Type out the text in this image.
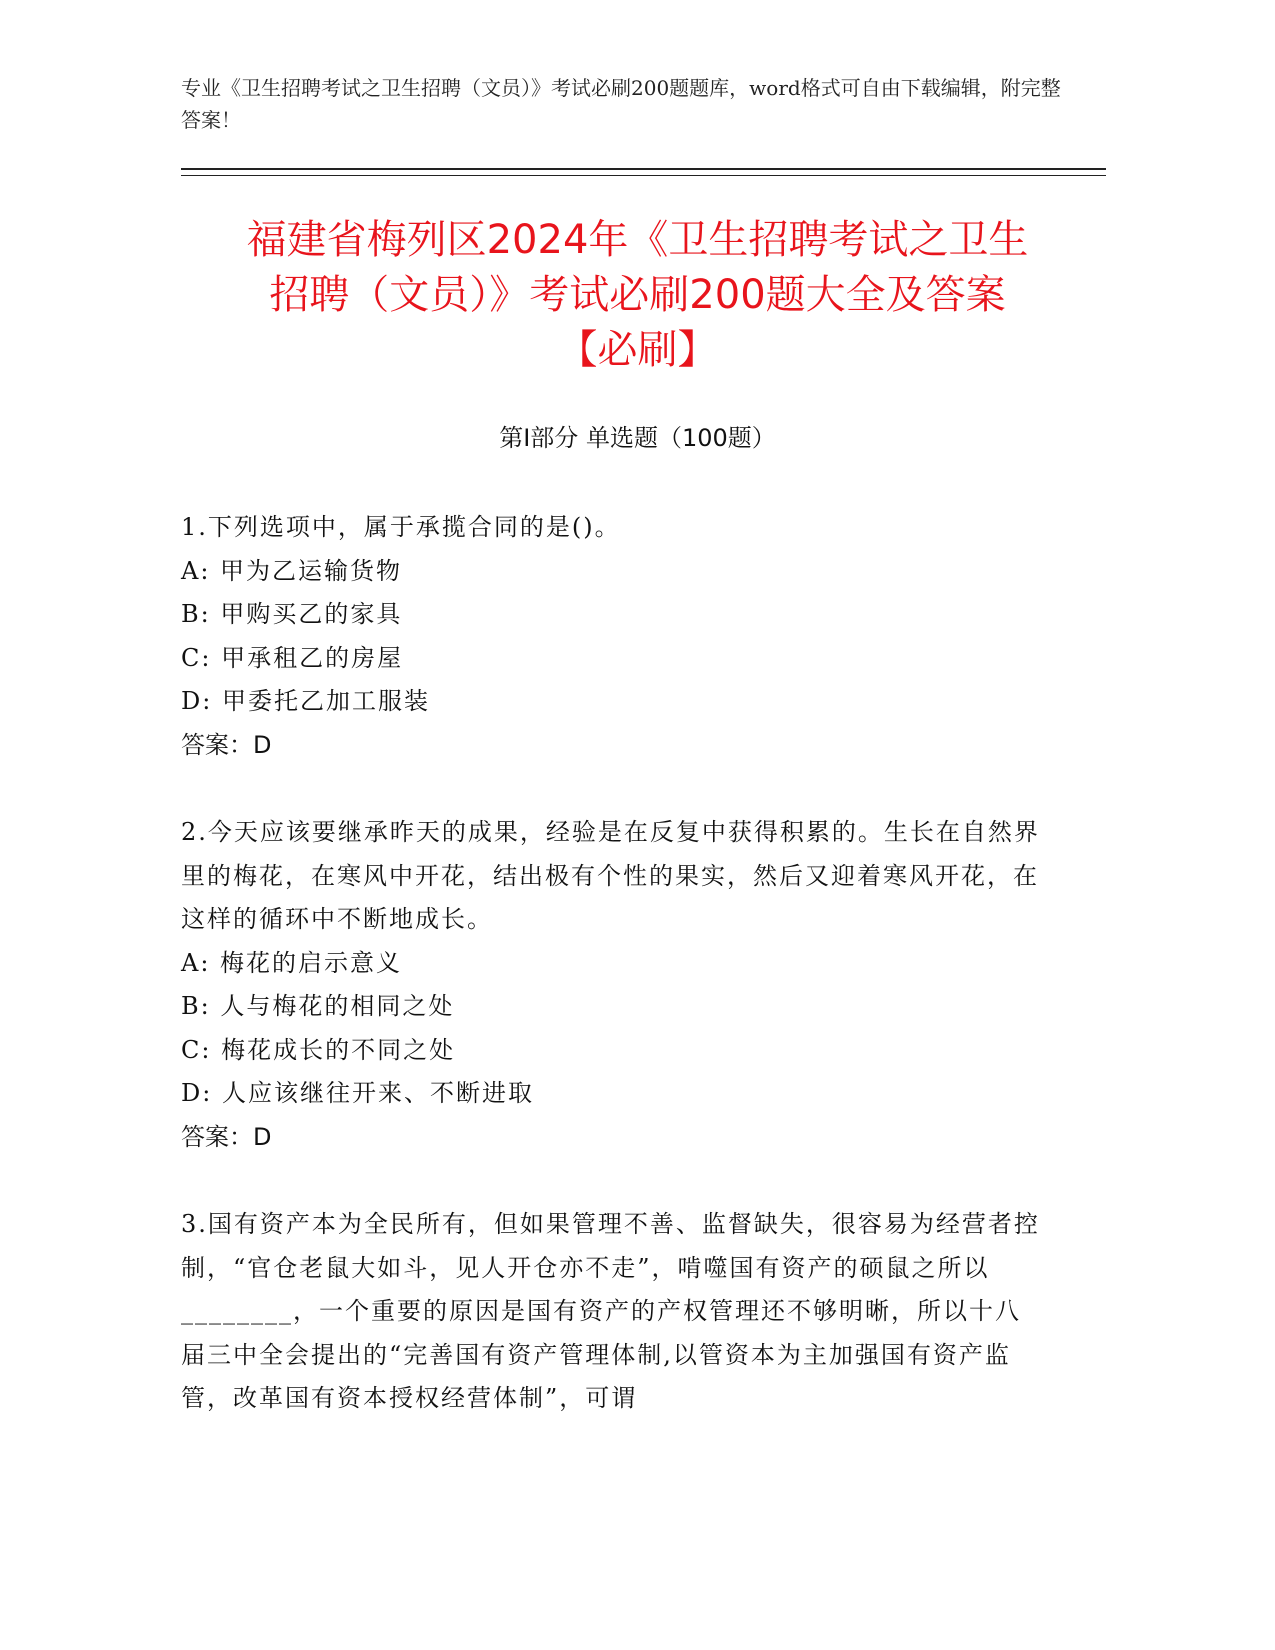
专业《卫生招聘考试之卫生招聘（文员）》考试必刷200题题库，word格式可自由下载编辑，附完整答案！
福建省梅列区2024年《卫生招聘考试之卫生
招聘（文员）》考试必刷200题大全及答案
【必刷】
第Ⅰ部分 单选题（100题）
1.下列选项中，属于承揽合同的是()。
A: 甲为乙运输货物
B: 甲购买乙的家具
C: 甲承租乙的房屋
D: 甲委托乙加工服装
答案：D
2.今天应该要继承昨天的成果，经验是在反复中获得积累的。生长在自然界里的梅花，在寒风中开花，结出极有个性的果实，然后又迎着寒风开花，在这样的循环中不断地成长。
A: 梅花的启示意义
B: 人与梅花的相同之处
C: 梅花成长的不同之处
D: 人应该继往开来、不断进取
答案：D
3.国有资产本为全民所有，但如果管理不善、监督缺失，很容易为经营者控制，“官仓老鼠大如斗，见人开仓亦不走”，啃噬国有资产的硕鼠之所以________，一个重要的原因是国有资产的产权管理还不够明晰，所以十八届三中全会提出的“完善国有资产管理体制,以管资本为主加强国有资产监管，改革国有资本授权经营体制”，可谓
